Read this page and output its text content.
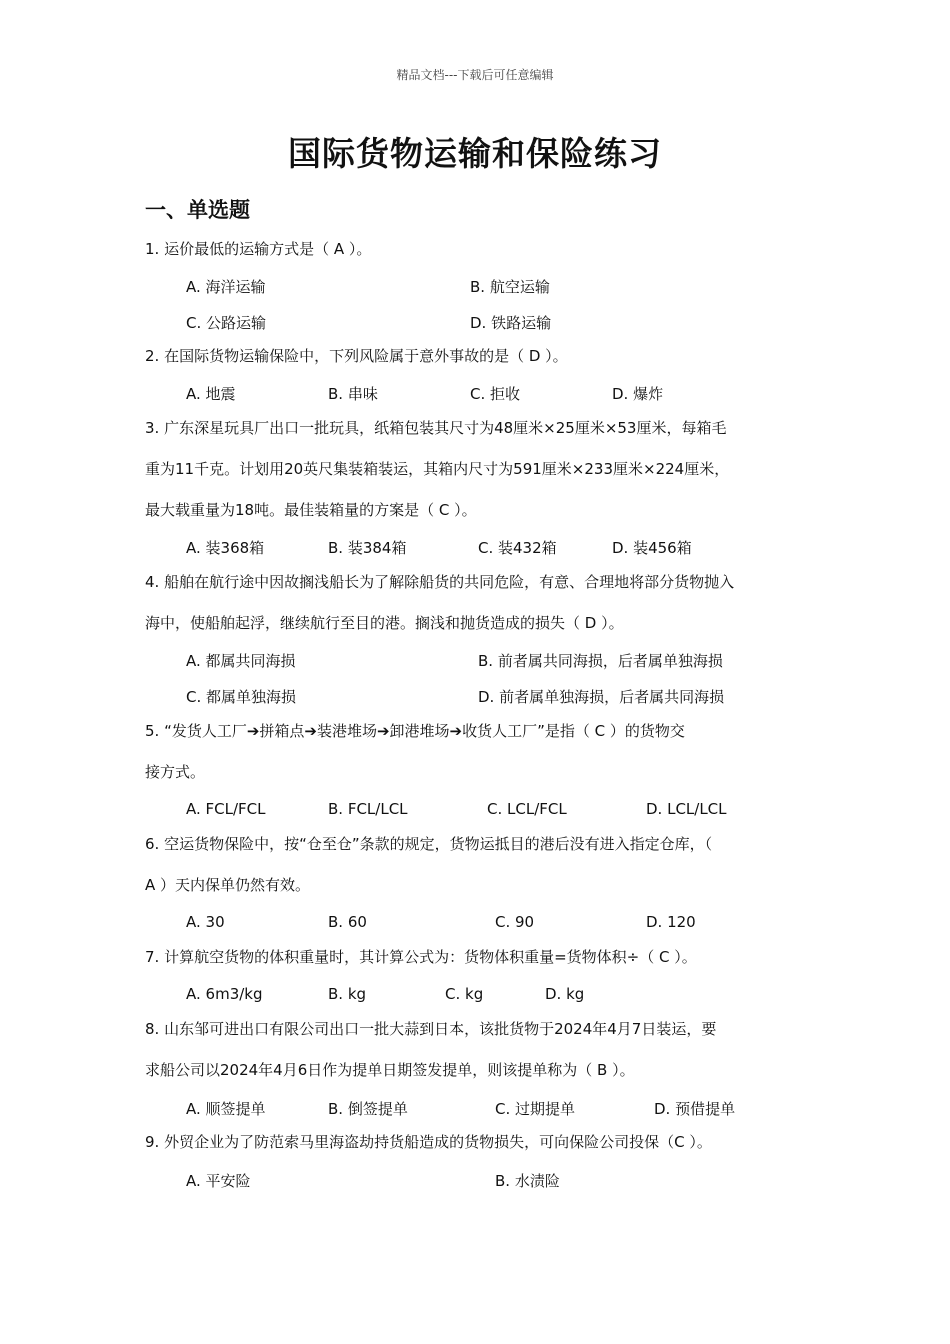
精品文档---下载后可任意编辑
国际货物运输和保险练习
一、单选题
1. 运价最低的运输方式是（ A ）。
A. 海洋运输	B. 航空运输
C. 公路运输	D. 铁路运输
2. 在国际货物运输保险中，下列风险属于意外事故的是（ D ）。
A. 地震	B. 串味	C. 拒收	D. 爆炸
3. 广东深星玩具厂出口一批玩具，纸箱包装其尺寸为48厘米×25厘米×53厘米，每箱毛
重为11千克。计划用20英尺集装箱装运，其箱内尺寸为591厘米×233厘米×224厘米，
最大载重量为18吨。最佳装箱量的方案是（ C ）。
A. 装368箱	B. 装384箱	C. 装432箱	D. 装456箱
4. 船舶在航行途中因故搁浅船长为了解除船货的共同危险，有意、合理地将部分货物抛入
海中，使船舶起浮，继续航行至目的港。搁浅和抛货造成的损失（ D ）。
A. 都属共同海损	B. 前者属共同海损，后者属单独海损
C. 都属单独海损	D. 前者属单独海损，后者属共同海损
5. “发货人工厂➔拼箱点➔装港堆场➔卸港堆场➔收货人工厂”是指（ C ）的货物交
接方式。
A. FCL/FCL	B. FCL/LCL	C. LCL/FCL	D. LCL/LCL
6. 空运货物保险中，按“仓至仓”条款的规定，货物运抵目的港后没有进入指定仓库，（
A ）天内保单仍然有效。
A. 30	B. 60	C. 90	D. 120
7. 计算航空货物的体积重量时，其计算公式为：货物体积重量=货物体积÷（ C ）。
A. 6m3/kg	B. kg	C. kg	D. kg
8. 山东邹可进出口有限公司出口一批大蒜到日本，该批货物于2024年4月7日装运，要
求船公司以2024年4月6日作为提单日期签发提单，则该提单称为（ B ）。
A. 顺签提单	B. 倒签提单	C. 过期提单	D. 预借提单
9. 外贸企业为了防范索马里海盗劫持货船造成的货物损失，可向保险公司投保（C ）。
A. 平安险	B. 水渍险
